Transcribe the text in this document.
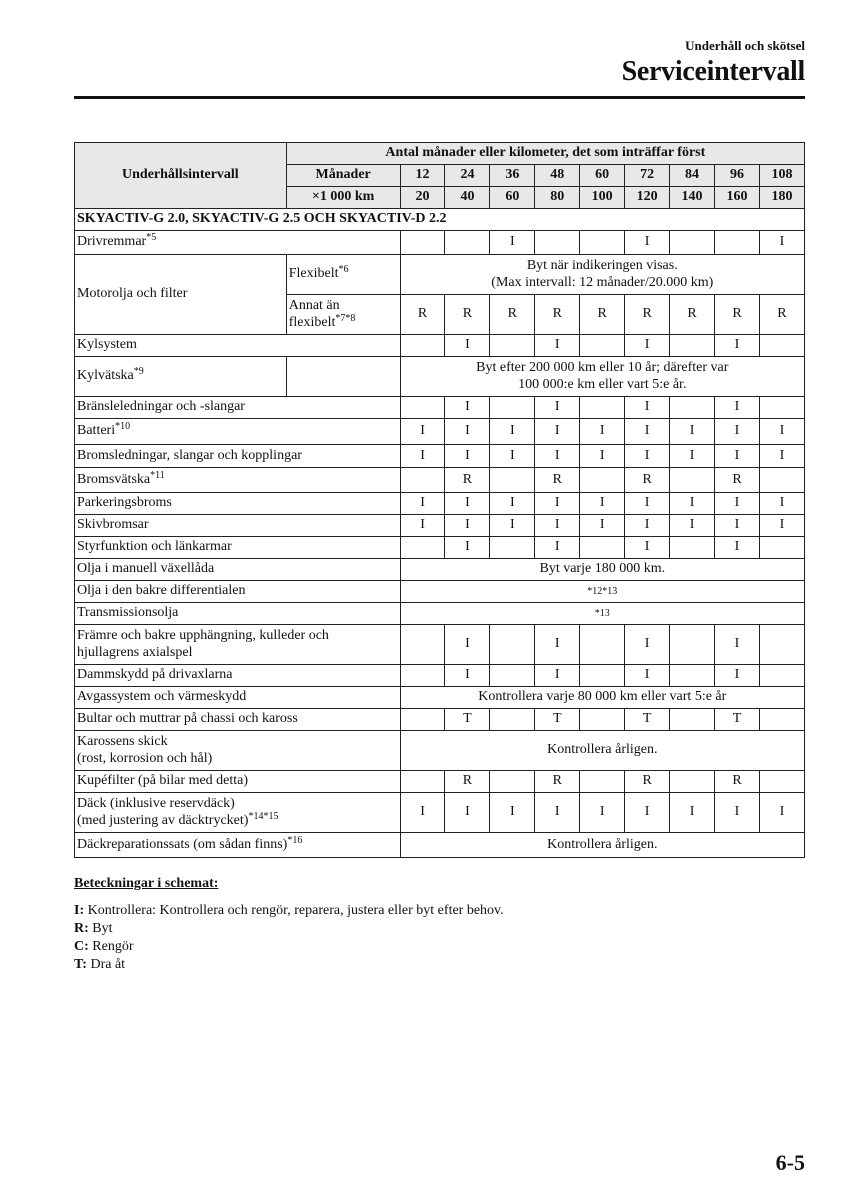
Underhåll och skötsel
Serviceintervall
Underhållsintervall	Antal månader eller kilometer, det som inträffar först									
	Månader	12	24	36	48	60	72	84	96	108
	×1 000 km	20	40	60	80	100	120	140	160	180
SKYACTIV-G 2.0, SKYACTIV-G 2.5 OCH SKYACTIV-D 2.2										
Drivremmar$^{*5}$				I			I			I
Motorolja och filter	Flexibelt$^{*6}$	Byt när indikeringen visas.
(Max intervall: 12 månader/20.000 km)								
	Annat än
flexibelt$^{*7*8}$	R	R	R	R	R	R	R	R	R
Kylsystem			I		I		I		I	
Kylvätska$^{*9}$		Byt efter 200 000 km eller 10 år; därefter var
100 000:e km eller vart 5:e år.								
Bränsleledningar och -slangar			I		I		I		I	
Batteri$^{*10}$		I	I	I	I	I	I	I	I	I
Bromsledningar, slangar och kopplingar		I	I	I	I	I	I	I	I	I
Bromsvätska$^{*11}$			R		R		R		R	
Parkeringsbroms		I	I	I	I	I	I	I	I	I
Skivbromsar		I	I	I	I	I	I	I	I	I
Styrfunktion och länkarmar			I		I		I		I	
Olja i manuell växellåda		Byt varje 180 000 km.								
Olja i den bakre differentialen		*12*13								
Transmissionsolja		*13								
Främre och bakre upphängning, kulleder och
hjullagrens axialspel			I		I		I		I	
Dammskydd på drivaxlarna			I		I		I		I	
Avgassystem och värmeskydd		Kontrollera varje 80 000 km eller vart 5:e år								
Bultar och muttrar på chassi och kaross			T		T		T		T	
Karossens skick
(rost, korrosion och hål)		Kontrollera årligen.								
Kupéfilter (på bilar med detta)			R		R		R		R	
Däck (inklusive reservdäck)
(med justering av däcktrycket)$^{*14*15}$		I	I	I	I	I	I	I	I	I
Däckreparationssats (om sådan finns)$^{*16}$		Kontrollera årligen.								
Beteckningar i schemat:
I: Kontrollera: Kontrollera och rengör, reparera, justera eller byt efter behov.
R: Byt
C: Rengör
T: Dra åt
6-5
